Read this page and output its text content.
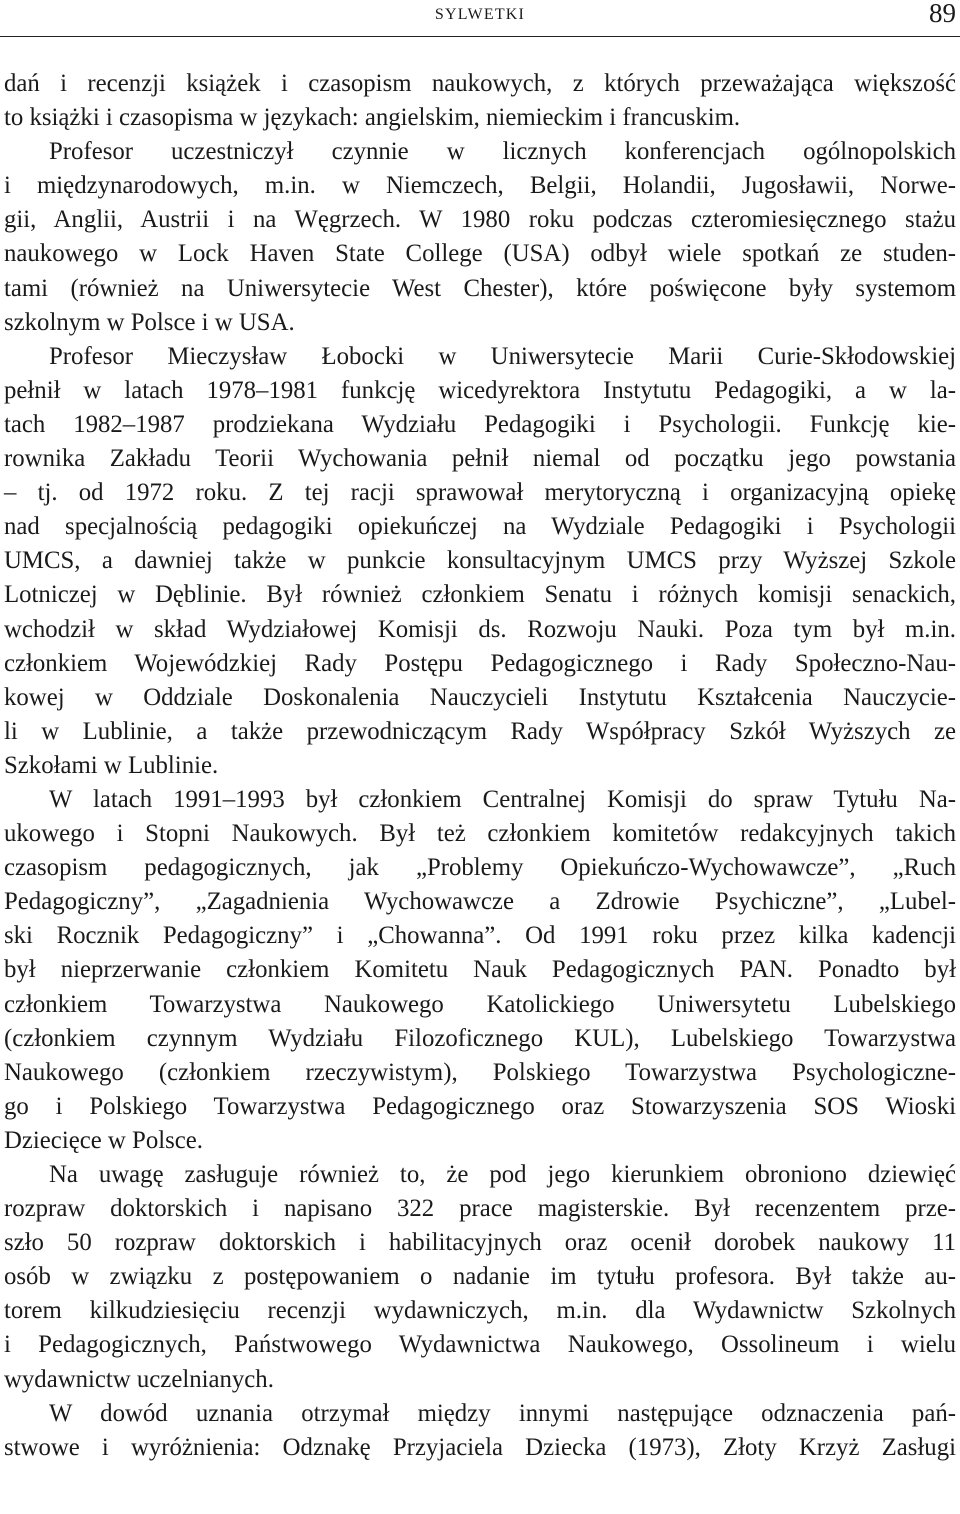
SYLWETKI	89
dań i recenzji książek i czasopism naukowych, z których przeważająca większość
to książki i czasopisma w językach: angielskim, niemieckim i francuskim.
Profesor uczestniczył czynnie w licznych konferencjach ogólnopolskich
i międzynarodowych, m.in. w Niemczech, Belgii, Holandii, Jugosławii, Norwe-
gii, Anglii, Austrii i na Węgrzech. W 1980 roku podczas czteromiesięcznego stażu
naukowego w Lock Haven State College (USA) odbył wiele spotkań ze studen-
tami (również na Uniwersytecie West Chester), które poświęcone były systemom
szkolnym w Polsce i w USA.
Profesor Mieczysław Łobocki w Uniwersytecie Marii Curie-Skłodowskiej
pełnił w latach 1978–1981 funkcję wicedyrektora Instytutu Pedagogiki, a w la-
tach 1982–1987 prodziekana Wydziału Pedagogiki i Psychologii. Funkcję kie-
rownika Zakładu Teorii Wychowania pełnił niemal od początku jego powstania
– tj. od 1972 roku. Z tej racji sprawował merytoryczną i organizacyjną opiekę
nad specjalnością pedagogiki opiekuńczej na Wydziale Pedagogiki i Psychologii
UMCS, a dawniej także w punkcie konsultacyjnym UMCS przy Wyższej Szkole
Lotniczej w Dęblinie. Był również członkiem Senatu i różnych komisji senackich,
wchodził w skład Wydziałowej Komisji ds. Rozwoju Nauki. Poza tym był m.in.
członkiem Wojewódzkiej Rady Postępu Pedagogicznego i Rady Społeczno-Nau-
kowej w Oddziale Doskonalenia Nauczycieli Instytutu Kształcenia Nauczycie-
li w Lublinie, a także przewodniczącym Rady Współpracy Szkół Wyższych ze
Szkołami w Lublinie.
W latach 1991–1993 był członkiem Centralnej Komisji do spraw Tytułu Na-
ukowego i Stopni Naukowych. Był też członkiem komitetów redakcyjnych takich
czasopism pedagogicznych, jak „Problemy Opiekuńczo-Wychowawcze”, „Ruch
Pedagogiczny”, „Zagadnienia Wychowawcze a Zdrowie Psychiczne”, „Lubel-
ski Rocznik Pedagogiczny” i „Chowanna”. Od 1991 roku przez kilka kadencji
był nieprzerwanie członkiem Komitetu Nauk Pedagogicznych PAN. Ponadto był
członkiem Towarzystwa Naukowego Katolickiego Uniwersytetu Lubelskiego
(członkiem czynnym Wydziału Filozoficznego KUL), Lubelskiego Towarzystwa
Naukowego (członkiem rzeczywistym), Polskiego Towarzystwa Psychologiczne-
go i Polskiego Towarzystwa Pedagogicznego oraz Stowarzyszenia SOS Wioski
Dziecięce w Polsce.
Na uwagę zasługuje również to, że pod jego kierunkiem obroniono dziewięć
rozpraw doktorskich i napisano 322 prace magisterskie. Był recenzentem prze-
szło 50 rozpraw doktorskich i habilitacyjnych oraz ocenił dorobek naukowy 11
osób w związku z postępowaniem o nadanie im tytułu profesora. Był także au-
torem kilkudziesięciu recenzji wydawniczych, m.in. dla Wydawnictw Szkolnych
i Pedagogicznych, Państwowego Wydawnictwa Naukowego, Ossolineum i wielu
wydawnictw uczelnianych.
W dowód uznania otrzymał między innymi następujące odznaczenia pań-
stwowe i wyróżnienia: Odznakę Przyjaciela Dziecka (1973), Złoty Krzyż Zasługi
